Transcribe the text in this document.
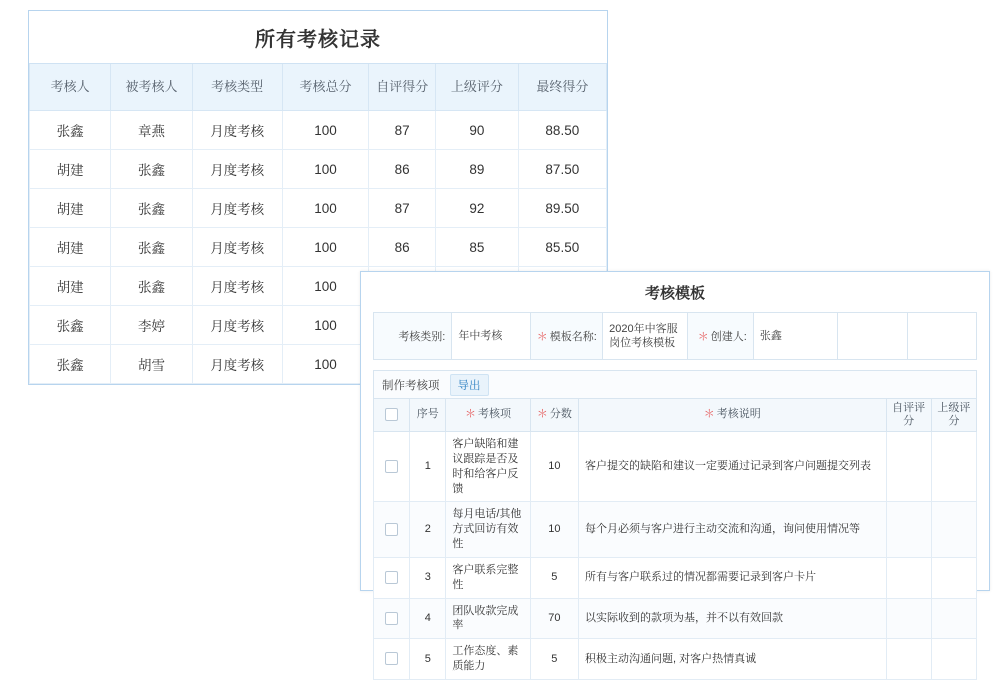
所有考核记录
考核人	被考核人	考核类型	考核总分	自评得分	上级评分	最终得分
张鑫	章燕	月度考核	100	87	90	88.50
胡建	张鑫	月度考核	100	86	89	87.50
胡建	张鑫	月度考核	100	87	92	89.50
胡建	张鑫	月度考核	100	86	85	85.50
胡建	张鑫	月度考核	100			
张鑫	李婷	月度考核	100			
张鑫	胡雪	月度考核	100			
考核模板
考核类别:	年中考核	＊ 模板名称:	2020年中客服岗位考核模板	＊ 创建人:	张鑫		
制作考核项	导出
	序号	＊ 考核项	＊ 分数	＊ 考核说明	自评评分	上级评分
	1	客户缺陷和建议跟踪是否及时和给客户反馈	10	客户提交的缺陷和建议一定要通过记录到客户问题提交列表		
	2	每月电话/其他方式回访有效性	10	每个月必须与客户进行主动交流和沟通，询问使用情况等		
	3	客户联系完整性	5	所有与客户联系过的情况都需要记录到客户卡片		
	4	团队收款完成率	70	以实际收到的款项为基，并不以有效回款		
	5	工作态度、素质能力	5	积极主动沟通问题, 对客户热情真诚		
